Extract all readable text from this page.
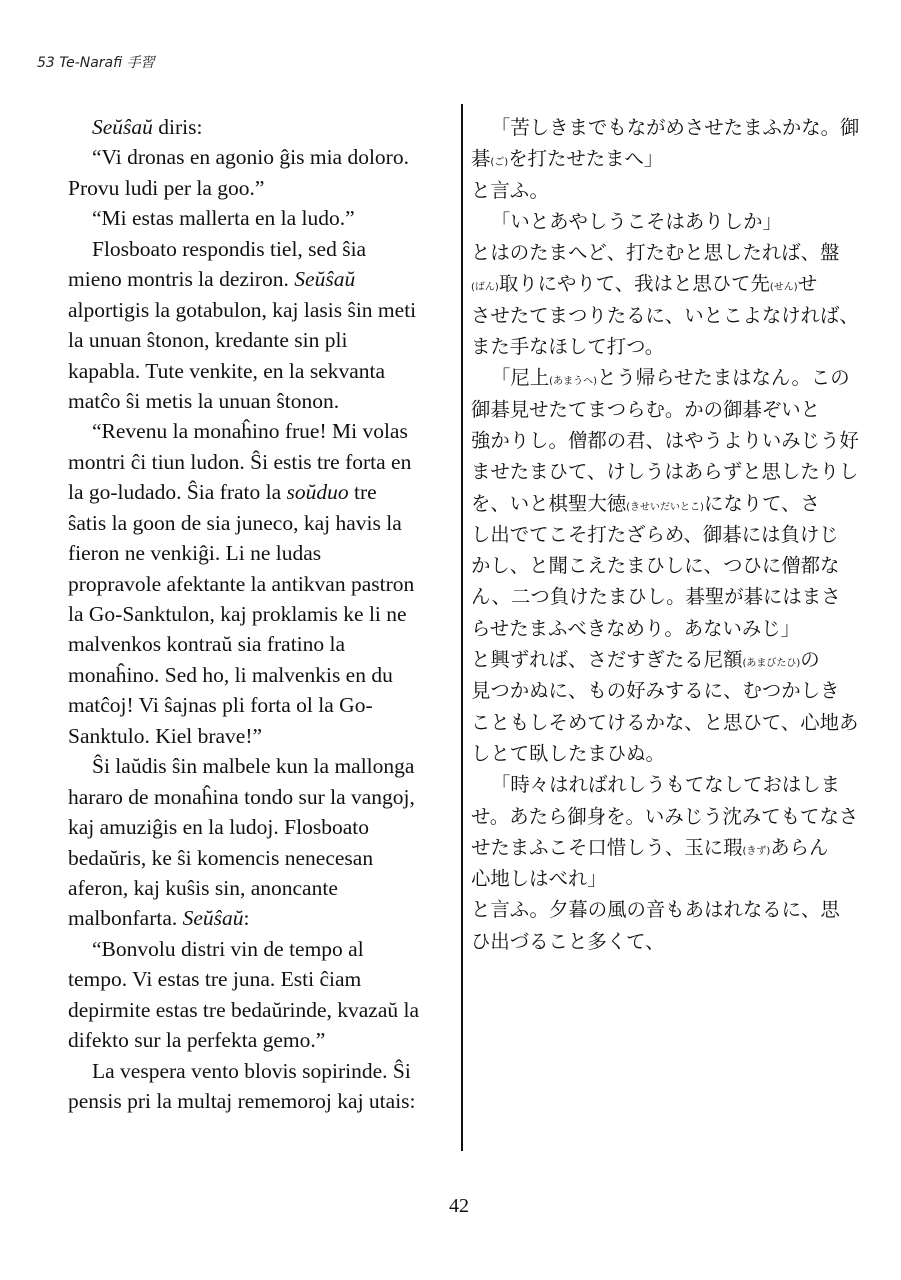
53 Te-Narafi 手習
Seŭŝaŭ diris:
“Vi dronas en agonio ĝis mia doloro.
Provu ludi per la goo.”
“Mi estas mallerta en la ludo.”
Flosboato respondis tiel, sed ŝia
mieno montris la deziron. Seŭŝaŭ
alportigis la gotabulon, kaj lasis ŝin meti
la unuan ŝtonon, kredante sin pli
kapabla. Tute venkite, en la sekvanta
matĉo ŝi metis la unuan ŝtonon.
“Revenu la monaĥino frue! Mi volas
montri ĉi tiun ludon. Ŝi estis tre forta en
la go-ludado. Ŝia frato la soŭduo tre
ŝatis la goon de sia juneco, kaj havis la
fieron ne venkiĝi. Li ne ludas
propravole afektante la antikvan pastron
la Go-Sanktulon, kaj proklamis ke li ne
malvenkos kontraŭ sia fratino la
monaĥino. Sed ho, li malvenkis en du
matĉoj! Vi ŝajnas pli forta ol la Go-
Sanktulo. Kiel brave!”
Ŝi laŭdis ŝin malbele kun la mallonga
hararo de monaĥina tondo sur la vangoj,
kaj amuziĝis en la ludoj. Flosboato
bedaŭris, ke ŝi komencis nenecesan
aferon, kaj kuŝis sin, anoncante
malbonfarta. Seŭŝaŭ:
“Bonvolu distri vin de tempo al
tempo. Vi estas tre juna. Esti ĉiam
depirmite estas tre bedaŭrinde, kvazaŭ la
difekto sur la perfekta gemo.”
La vespera vento blovis sopirinde. Ŝi
pensis pri la multaj rememoroj kaj utais:
「苦しきまでもながめさせたまふかな。御
碁(ご)を打たせたまへ」
と言ふ。
「いとあやしうこそはありしか」
とはのたまへど、打たむと思したれば、盤
(ばん)取りにやりて、我はと思ひて先(せん)せ
させたてまつりたるに、いとこよなければ、
また手なほして打つ。
「尼上(あまうへ)とう帰らせたまはなん。この
御碁見せたてまつらむ。かの御碁ぞいと
強かりし。僧都の君、はやうよりいみじう好
ませたまひて、けしうはあらずと思したりし
を、いと棋聖大徳(きせいだいとこ)になりて、さ
し出でてこそ打たざらめ、御碁には負けじ
かし、と聞こえたまひしに、つひに僧都な
ん、二つ負けたまひし。碁聖が碁にはまさ
らせたまふべきなめり。あないみじ」
と興ずれば、さだすぎたる尼額(あまびたひ)の
見つかぬに、もの好みするに、むつかしき
こともしそめてけるかな、と思ひて、心地あ
しとて臥したまひぬ。
「時々はればれしうもてなしておはしま
せ。あたら御身を。いみじう沈みてもてなさ
せたまふこそ口惜しう、玉に瑕(きず)あらん
心地しはべれ」
と言ふ。夕暮の風の音もあはれなるに、思
ひ出づること多くて、
42
